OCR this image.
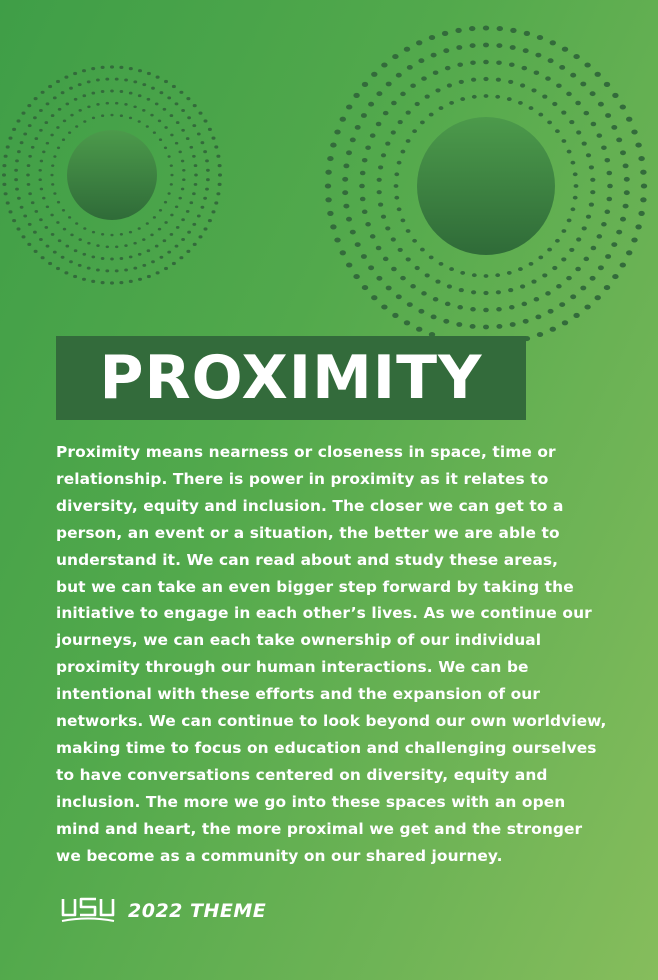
PROXIMITY
Proximity means nearness or closeness in space, time or
relationship. There is power in proximity as it relates to
diversity, equity and inclusion. The closer we can get to a
person, an event or a situation, the better we are able to
understand it. We can read about and study these areas,
but we can take an even bigger step forward by taking the
initiative to engage in each other’s lives. As we continue our
journeys, we can each take ownership of our individual
proximity through our human interactions. We can be
intentional with these efforts and the expansion of our
networks. We can continue to look beyond our own worldview,
making time to focus on education and challenging ourselves
to have conversations centered on diversity, equity and
inclusion. The more we go into these spaces with an open
mind and heart, the more proximal we get and the stronger
we become as a community on our shared journey.
2022 THEME
